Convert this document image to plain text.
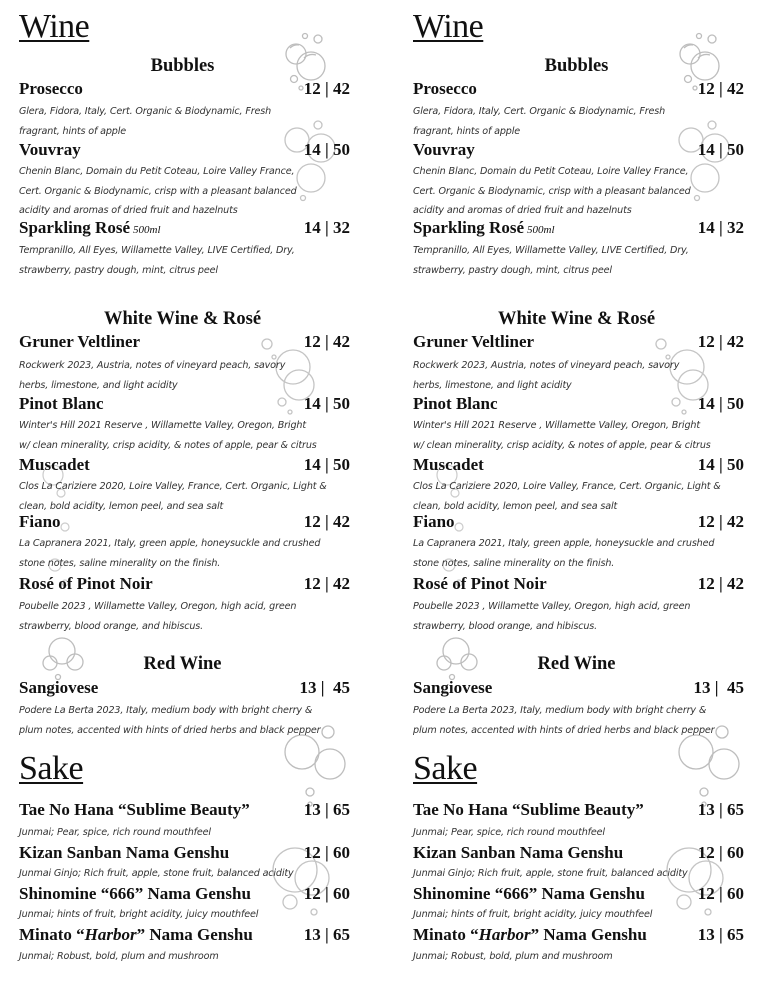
Wine
Bubbles
Prosecco	12 | 42
Glera, Fidora, Italy, Cert. Organic & Biodynamic, Fresh
fragrant, hints of apple
Vouvray	14 | 50
Chenin Blanc, Domain du Petit Coteau, Loire Valley France,
Cert. Organic & Biodynamic, crisp with a pleasant balanced
acidity and aromas of dried fruit and hazelnuts
Sparkling Rosé 500ml	14 | 32
Tempranillo, All Eyes, Willamette Valley, LIVE Certified, Dry,
strawberry, pastry dough, mint, citrus peel
White Wine & Rosé
Gruner Veltliner	12 | 42
Rockwerk 2023, Austria, notes of vineyard peach, savory
herbs, limestone, and light acidity
Pinot Blanc	14 | 50
Winter's Hill 2021 Reserve , Willamette Valley, Oregon, Bright
w/ clean minerality, crisp acidity, & notes of apple, pear & citrus
Muscadet	14 | 50
Clos La Cariziere 2020, Loire Valley, France, Cert. Organic, Light &
clean, bold acidity, lemon peel, and sea salt
Fiano	12 | 42
La Capranera 2021, Italy, green apple, honeysuckle and crushed
stone notes, saline minerality on the finish.
Rosé of Pinot Noir	12 | 42
Poubelle 2023 , Willamette Valley, Oregon, high acid, green
strawberry, blood orange, and hibiscus.
Red Wine
Sangiovese	13 |  45
Podere La Berta 2023, Italy, medium body with bright cherry &
plum notes, accented with hints of dried herbs and black pepper
Sake
Tae No Hana “Sublime Beauty”	13 | 65
Junmai; Pear, spice, rich round mouthfeel
Kizan Sanban Nama Genshu	12 | 60
Junmai Ginjo; Rich fruit, apple, stone fruit, balanced acidity
Shinomine “666” Nama Genshu	12 | 60
Junmai; hints of fruit, bright acidity, juicy mouthfeel
Minato “Harbor” Nama Genshu	13 | 65
Junmai; Robust, bold, plum and mushroom
Wine
Bubbles
Prosecco	12 | 42
Glera, Fidora, Italy, Cert. Organic & Biodynamic, Fresh
fragrant, hints of apple
Vouvray	14 | 50
Chenin Blanc, Domain du Petit Coteau, Loire Valley France,
Cert. Organic & Biodynamic, crisp with a pleasant balanced
acidity and aromas of dried fruit and hazelnuts
Sparkling Rosé 500ml	14 | 32
Tempranillo, All Eyes, Willamette Valley, LIVE Certified, Dry,
strawberry, pastry dough, mint, citrus peel
White Wine & Rosé
Gruner Veltliner	12 | 42
Rockwerk 2023, Austria, notes of vineyard peach, savory
herbs, limestone, and light acidity
Pinot Blanc	14 | 50
Winter's Hill 2021 Reserve , Willamette Valley, Oregon, Bright
w/ clean minerality, crisp acidity, & notes of apple, pear & citrus
Muscadet	14 | 50
Clos La Cariziere 2020, Loire Valley, France, Cert. Organic, Light &
clean, bold acidity, lemon peel, and sea salt
Fiano	12 | 42
La Capranera 2021, Italy, green apple, honeysuckle and crushed
stone notes, saline minerality on the finish.
Rosé of Pinot Noir	12 | 42
Poubelle 2023 , Willamette Valley, Oregon, high acid, green
strawberry, blood orange, and hibiscus.
Red Wine
Sangiovese	13 |  45
Podere La Berta 2023, Italy, medium body with bright cherry &
plum notes, accented with hints of dried herbs and black pepper
Sake
Tae No Hana “Sublime Beauty”	13 | 65
Junmai; Pear, spice, rich round mouthfeel
Kizan Sanban Nama Genshu	12 | 60
Junmai Ginjo; Rich fruit, apple, stone fruit, balanced acidity
Shinomine “666” Nama Genshu	12 | 60
Junmai; hints of fruit, bright acidity, juicy mouthfeel
Minato “Harbor” Nama Genshu	13 | 65
Junmai; Robust, bold, plum and mushroom
